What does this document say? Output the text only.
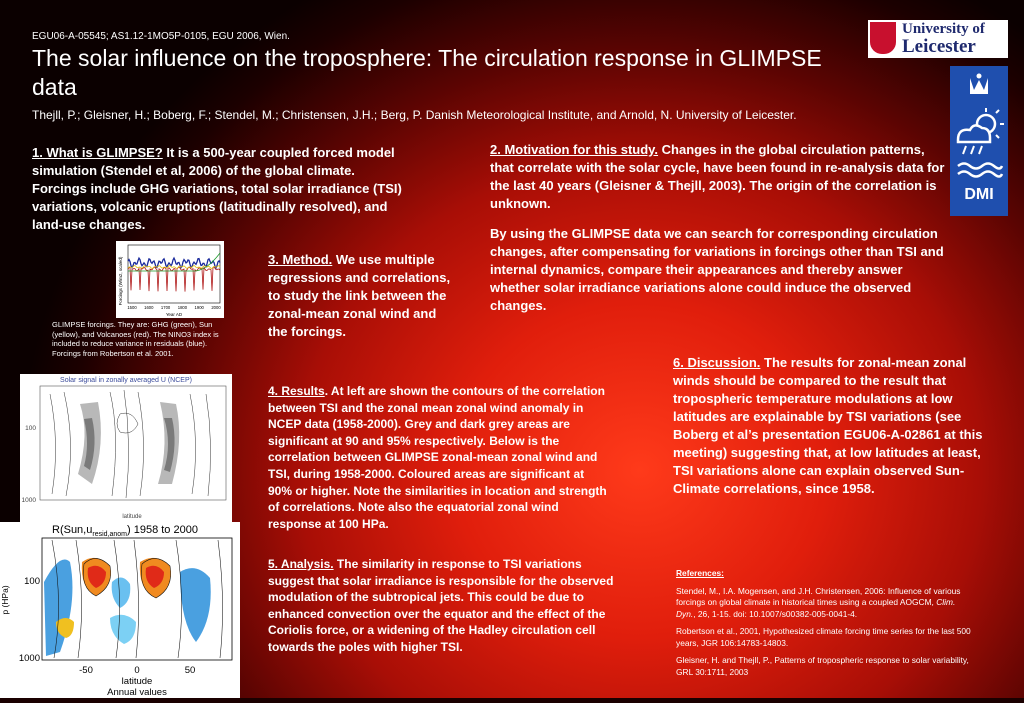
EGU06-A-05545; AS1.12-1MO5P-0105, EGU 2006, Wien.
The solar influence on the troposphere: The circulation response in GLIMPSE data
Thejll, P.; Gleisner, H.; Boberg, F.; Stendel, M.; Christensen, J.H.; Berg, P. Danish Meteorological Institute, and Arnold, N. University of Leicester.
University of
Leicester
DMI
1. What is GLIMPSE? It is a 500-year coupled forced model simulation (Stendel et al, 2006) of the global climate. Forcings include GHG variations, total solar irradiance (TSI) variations, volcanic eruptions (latitudinally resolved), and land-use changes.
Forcings (W/m2, scaled)
1500 1600 1700 1800 1900 2000
Year AD
GLIMPSE forcings. They are: GHG (green), Sun (yellow), and Volcanoes (red). The NINO3 index is included to reduce variance in residuals (blue). Forcings from Robertson et al. 2001.
Solar signal in zonally averaged U (NCEP)
100
1000
latitude
$R(Sun,u_{resid,anom})$ 1958 to 2000
p (HPa)
100
1000
-50	0	50
latitude
Annual values
2. Motivation for this study. Changes in the global circulation patterns, that correlate with the solar cycle, have been found in re-analysis data for the last 40 years (Gleisner & Thejll, 2003). The origin of the correlation is unknown.
By using the GLIMPSE data we can search for corresponding circulation changes, after compensating for variations in forcings other than TSI and internal dynamics, compare their appearances and thereby answer whether solar irradiance variations alone could induce the observed changes.
3. Method. We use multiple regressions and correlations, to study the link between the zonal-mean zonal wind and the forcings.
4. Results. At left are shown the contours of the correlation between TSI and the zonal mean zonal wind anomaly in NCEP data (1958-2000). Grey and dark grey areas are significant at 90 and 95% respectively. Below is the correlation between GLIMPSE zonal-mean zonal wind and TSI, during 1958-2000. Coloured areas are significant at 90% or higher. Note the similarities in location and strength of correlations. Note also the equatorial zonal wind response at 100 HPa.
5. Analysis. The similarity in response to TSI variations suggest that solar irradiance is responsible for the observed modulation of the subtropical jets. This could be due to enhanced convection over the equator and the effect of the Coriolis force, or a widening of the Hadley circulation cell towards the poles with higher TSI.
6. Discussion. The results for zonal-mean zonal winds should be compared to the result that tropospheric temperature modulations at low latitudes are explainable by TSI variations (see Boberg et al’s presentation EGU06-A-02861 at this meeting) suggesting that, at low latitudes at least, TSI variations alone can explain observed Sun-Climate correlations, since 1958.
References:

Stendel, M., I.A. Mogensen, and J.H. Christensen, 2006: Influence of various forcings on global climate in historical times using a coupled AOGCM, Clim. Dyn., 26, 1-15. doi: 10.1007/s00382-005-0041-4.

Robertson et al., 2001, Hypothesized climate forcing time series for the last 500 years, JGR 106:14783-14803.

Gleisner, H. and Thejll, P., Patterns of tropospheric response to solar variability, GRL 30:1711, 2003
